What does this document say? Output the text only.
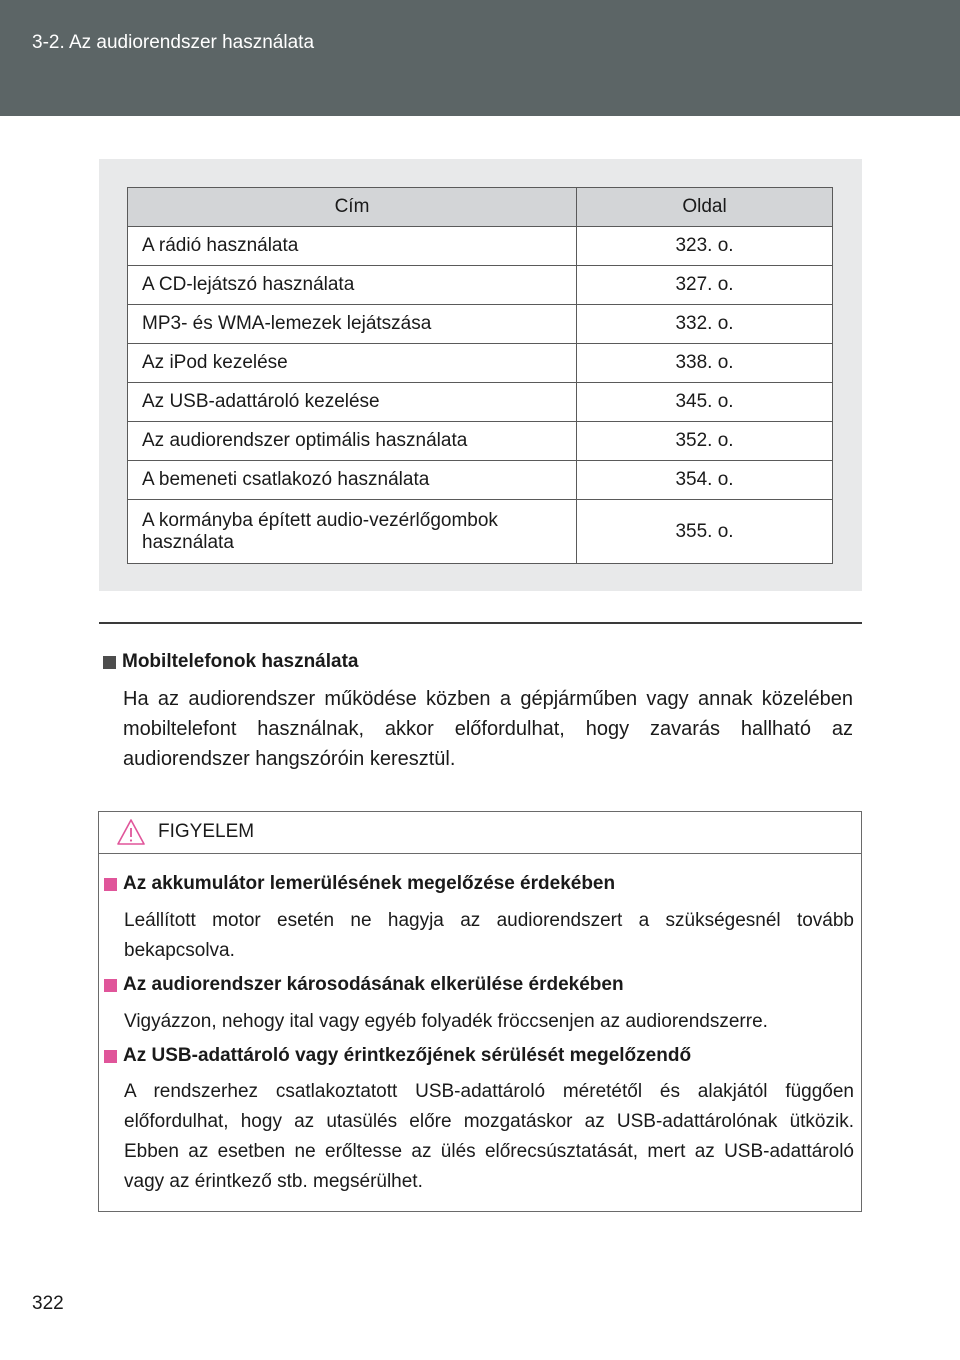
3-2. Az audiorendszer használata
Cím	Oldal
A rádió használata	323. o.
A CD-lejátszó használata	327. o.
MP3- és WMA-lemezek lejátszása	332. o.
Az iPod kezelése	338. o.
Az USB-adattároló kezelése	345. o.
Az audiorendszer optimális használata	352. o.
A bemeneti csatlakozó használata	354. o.
A kormányba épített audio-vezérlőgombok használata	355. o.
Mobiltelefonok használata
Ha az audiorendszer működése közben a gépjárműben vagy annak közelében mobiltelefont használnak, akkor előfordulhat, hogy zavarás hallható az audiorendszer hangszóróin keresztül.
FIGYELEM
Az akkumulátor lemerülésének megelőzése érdekében
Leállított motor esetén ne hagyja az audiorendszert a szükségesnél tovább bekapcsolva.
Az audiorendszer károsodásának elkerülése érdekében
Vigyázzon, nehogy ital vagy egyéb folyadék fröccsenjen az audiorendszerre.
Az USB-adattároló vagy érintkezőjének sérülését megelőzendő
A rendszerhez csatlakoztatott USB-adattároló méretétől és alakjától függően előfordulhat, hogy az utasülés előre mozgatáskor az USB-adattárolónak ütközik. Ebben az esetben ne erőltesse az ülés előrecsúsztatását, mert az USB-adattároló vagy az érintkező stb. megsérülhet.
322
